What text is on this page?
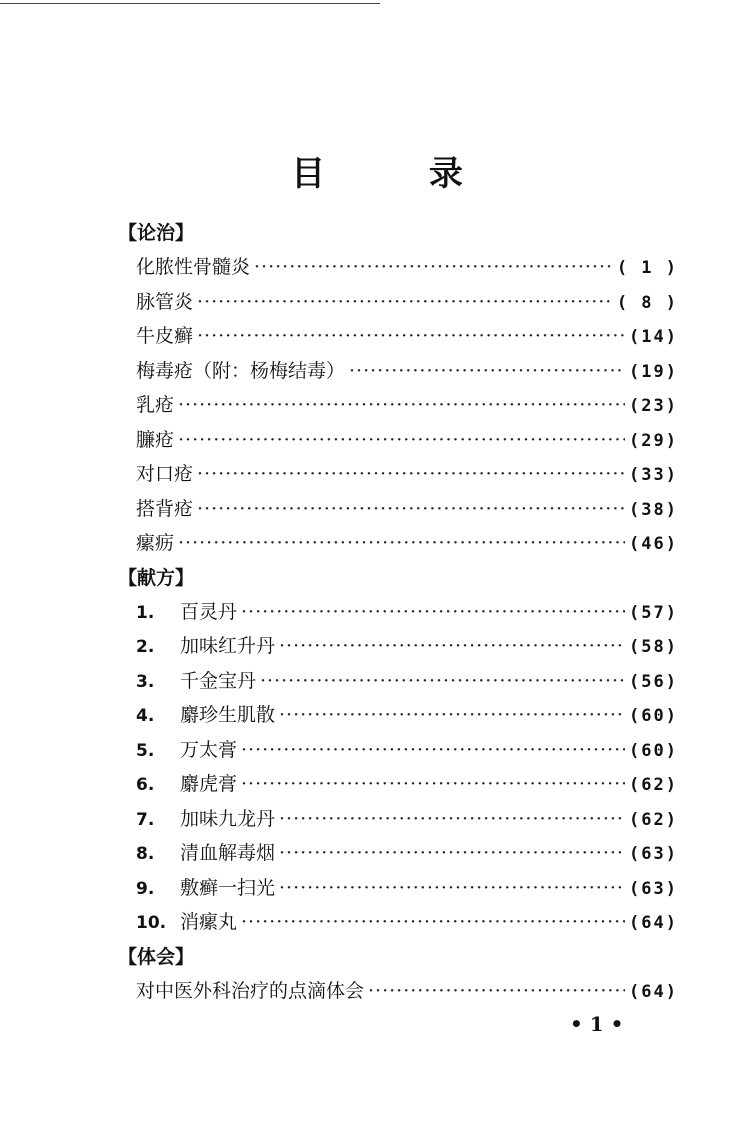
目 录
【论治】
化脓性骨髓炎 ·····	( 1 )
脉管炎 ·····	( 8 )
牛皮癣 ·····	(14)
梅毒疮（附：杨梅结毒） ·····	(19)
乳疮 ·····	(23)
臁疮 ·····	(29)
对口疮 ·····	(33)
搭背疮 ·····	(38)
瘰疬 ·····	(46)
【献方】
1.	百灵丹 ·····	(57)
2.	加味红升丹 ·····	(58)
3.	千金宝丹 ·····	(56)
4.	麝珍生肌散 ·····	(60)
5.	万太膏 ·····	(60)
6.	麝虎膏 ·····	(62)
7.	加味九龙丹 ·····	(62)
8.	清血解毒烟 ·····	(63)
9.	敷癣一扫光 ·····	(63)
10. 消瘰丸 ·····	(64)
【体会】
对中医外科治疗的点滴体会 ·····	(64)
• 1 •
